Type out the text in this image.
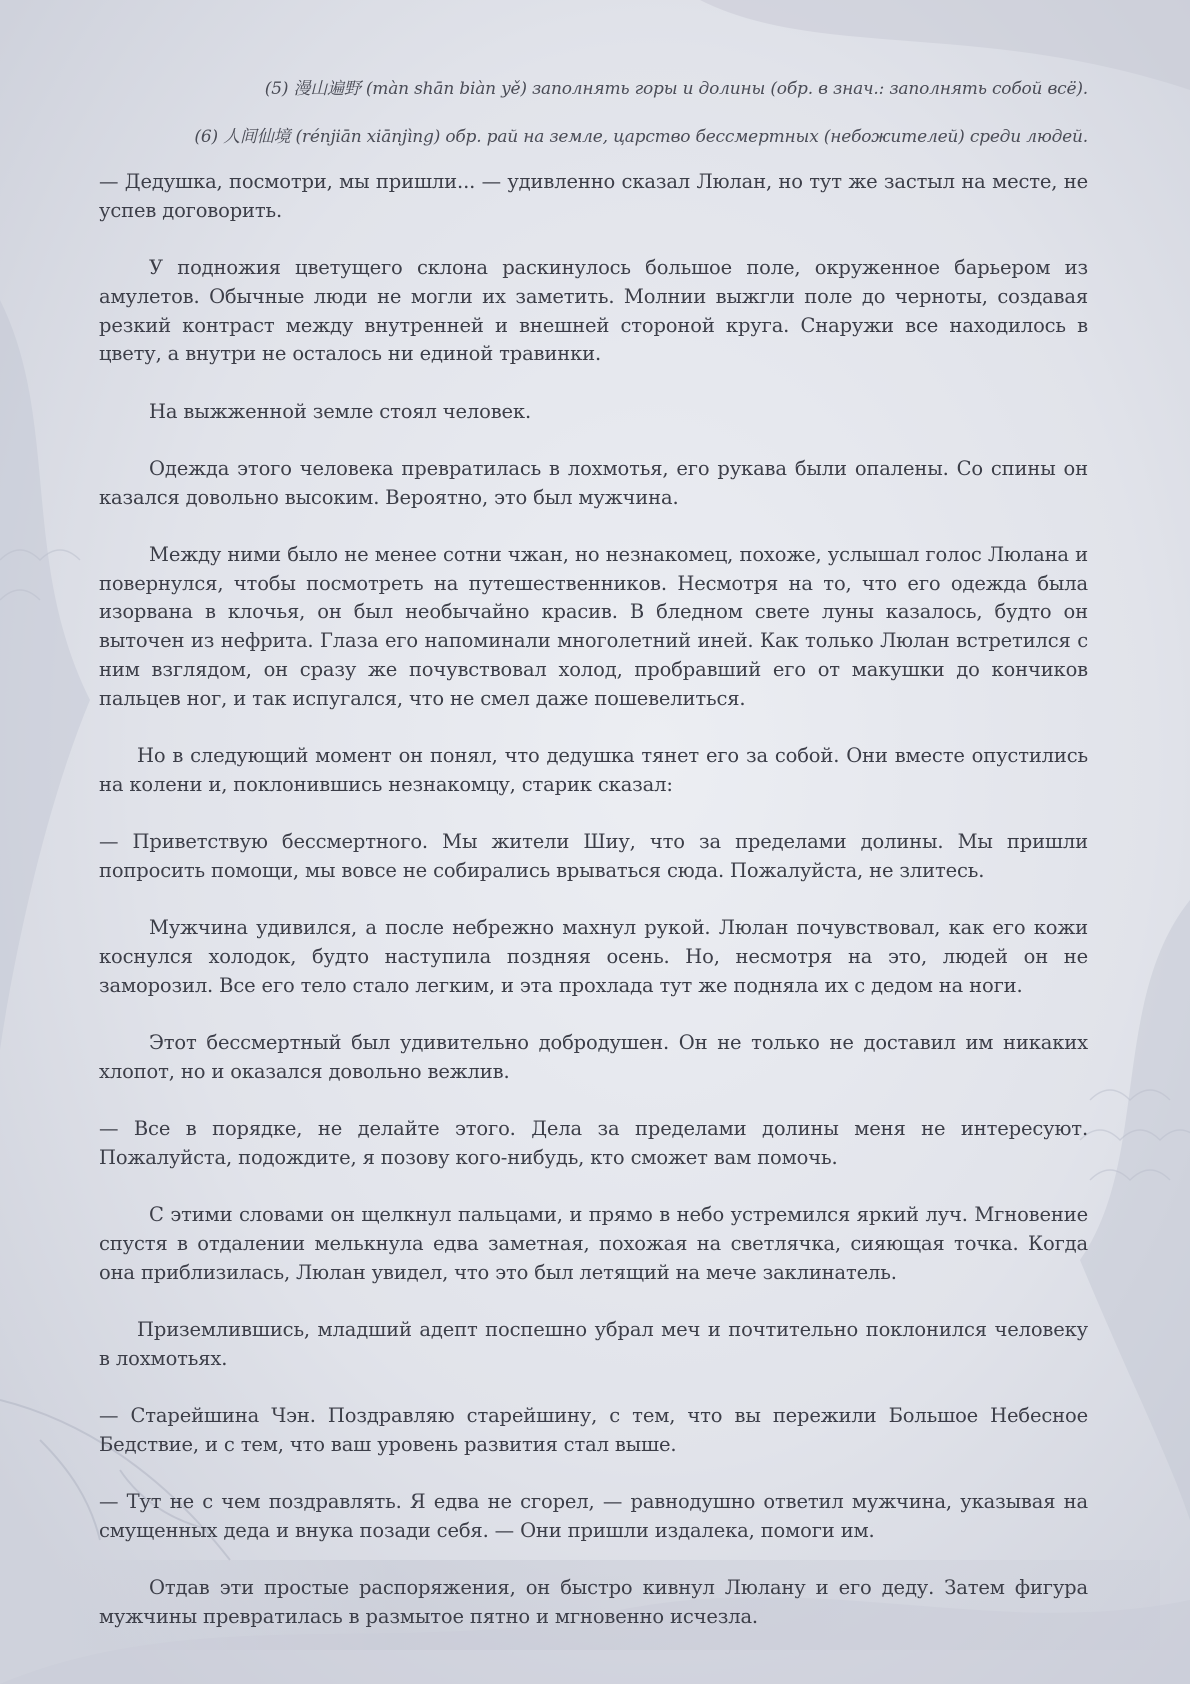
(5) 漫山遍野 (màn shān biàn yě) заполнять горы и долины (обр. в знач.: заполнять собой всё).

(6) 人间仙境 (rénjiān xiānjìng) обр. рай на земле, царство бессмертных (небожителей) среди людей.

— Дедушка, посмотри, мы пришли... — удивленно сказал Люлан, но тут же застыл на месте, не успев договорить.

У подножия цветущего склона раскинулось большое поле, окруженное барьером из амулетов. Обычные люди не могли их заметить. Молнии выжгли поле до черноты, создавая резкий контраст между внутренней и внешней стороной круга. Снаружи все находилось в цвету, а внутри не осталось ни единой травинки.

На выжженной земле стоял человек.

Одежда этого человека превратилась в лохмотья, его рукава были опалены. Со спины он казался довольно высоким. Вероятно, это был мужчина.

Между ними было не менее сотни чжан, но незнакомец, похоже, услышал голос Люлана и повернулся, чтобы посмотреть на путешественников. Несмотря на то, что его одежда была изорвана в клочья, он был необычайно красив. В бледном свете луны казалось, будто он выточен из нефрита. Глаза его напоминали многолетний иней. Как только Люлан встретился с ним взглядом, он сразу же почувствовал холод, пробравший его от макушки до кончиков пальцев ног, и так испугался, что не смел даже пошевелиться.

Но в следующий момент он понял, что дедушка тянет его за собой. Они вместе опустились на колени и, поклонившись незнакомцу, старик сказал:

— Приветствую бессмертного. Мы жители Шиу, что за пределами долины. Мы пришли попросить помощи, мы вовсе не собирались врываться сюда. Пожалуйста, не злитесь.

Мужчина удивился, а после небрежно махнул рукой. Люлан почувствовал, как его кожи коснулся холодок, будто наступила поздняя осень. Но, несмотря на это, людей он не заморозил. Все его тело стало легким, и эта прохлада тут же подняла их с дедом на ноги.

Этот бессмертный был удивительно добродушен. Он не только не доставил им никаких хлопот, но и оказался довольно вежлив.

— Все в порядке, не делайте этого. Дела за пределами долины меня не интересуют. Пожалуйста, подождите, я позову кого-нибудь, кто сможет вам помочь.

С этими словами он щелкнул пальцами, и прямо в небо устремился яркий луч. Мгновение спустя в отдалении мелькнула едва заметная, похожая на светлячка, сияющая точка. Когда она приблизилась, Люлан увидел, что это был летящий на мече заклинатель.

Приземлившись, младший адепт поспешно убрал меч и почтительно поклонился человеку в лохмотьях.

— Старейшина Чэн. Поздравляю старейшину, с тем, что вы пережили Большое Небесное Бедствие, и с тем, что ваш уровень развития стал выше.

— Тут не с чем поздравлять. Я едва не сгорел, — равнодушно ответил мужчина, указывая на смущенных деда и внука позади себя. — Они пришли издалека, помоги им.

Отдав эти простые распоряжения, он быстро кивнул Люлану и его деду. Затем фигура мужчины превратилась в размытое пятно и мгновенно исчезла.
